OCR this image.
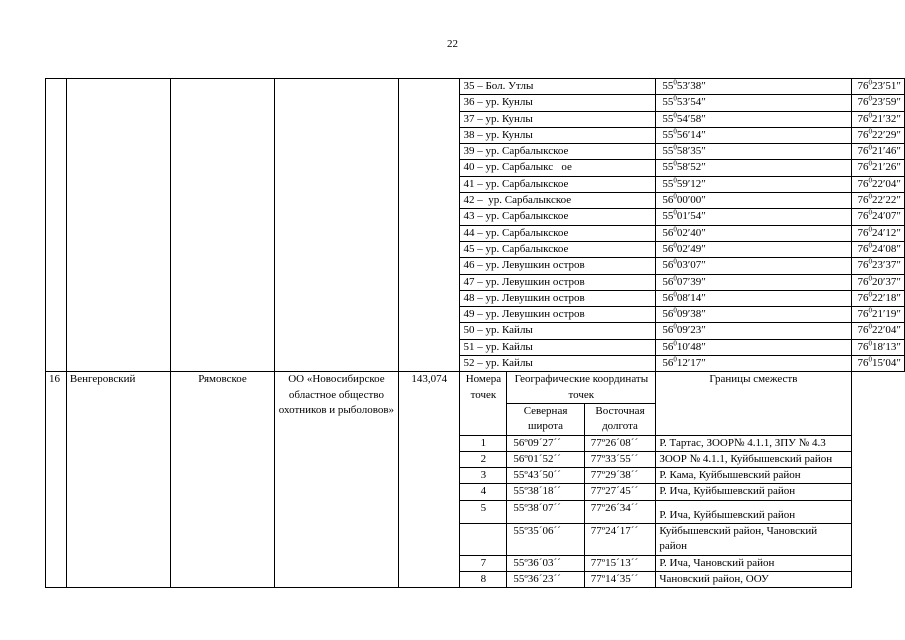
22
					35 – Бол. Утлы			$55^053'38''$	$76^023'51''$
					36 – ур. Кунлы			$55^053'54''$	$76^023'59''$
					37 – ур. Кунлы			$55^054'58''$	$76^021'32''$
					38 – ур. Кунлы			$55^056'14''$	$76^022'29''$
					39 – ур. Сарбалыкское			$55^058'35''$	$76^021'46''$
					40 – ур. Сарбалыкс   ое			$55^058'52''$	$76^021'26''$
					41 – ур. Сарбалыкское			$55^059'12''$	$76^022'04''$
					42 –  ур. Сарбалыкское			$56^000'00''$	$76^022'22''$
					43 – ур. Сарбалыкское			$55^001'54''$	$76^024'07''$
					44 – ур. Сарбалыкское			$56^002'40''$	$76^024'12''$
					45 – ур. Сарбалыкское			$56^002'49''$	$76^024'08''$
					46 – ур. Левушкин остров			$56^003'07''$	$76^023'37''$
					47 – ур. Левушкин остров			$56^007'39''$	$76^020'37''$
					48 – ур. Левушкин остров			$56^008'14''$	$76^022'18''$
					49 – ур. Левушкин остров			$56^009'38''$	$76^021'19''$
					50 – ур. Кайлы			$56^009'23''$	$76^022'04''$
					51 – ур. Кайлы			$56^010'48''$	$76^018'13''$
					52 – ур. Кайлы			$56^012'17''$	$76^015'04''$
16	Венгеровский	Рямовское	ОО «Новосибирское областное общество охотников и рыболовов»	143,074	Номера точек	Географические координаты точек		Границы смежеств	
						Северная широта	Восточная долгота		
					1	56º09´27´´	77º26´08´´	Р. Тартас, ЗООР№ 4.1.1, ЗПУ № 4.3	
					2	56º01´52´´	77º33´55´´	ЗООР № 4.1.1, Куйбышевский район	
					3	55º43´50´´	77º29´38´´	Р. Кама, Куйбышевский район	
					4	55º38´18´´	77º27´45´´	Р. Ича, Куйбышевский район	
					5	55º38´07´´	77º26´34´´	Р. Ича, Куйбышевский район	
						55º35´06´´	77º24´17´´	Куйбышевский район, Чановский район	
					7	55º36´03´´	77º15´13´´	Р. Ича, Чановский район	
					8	55º36´23´´	77º14´35´´	Чановский район, ООУ	
